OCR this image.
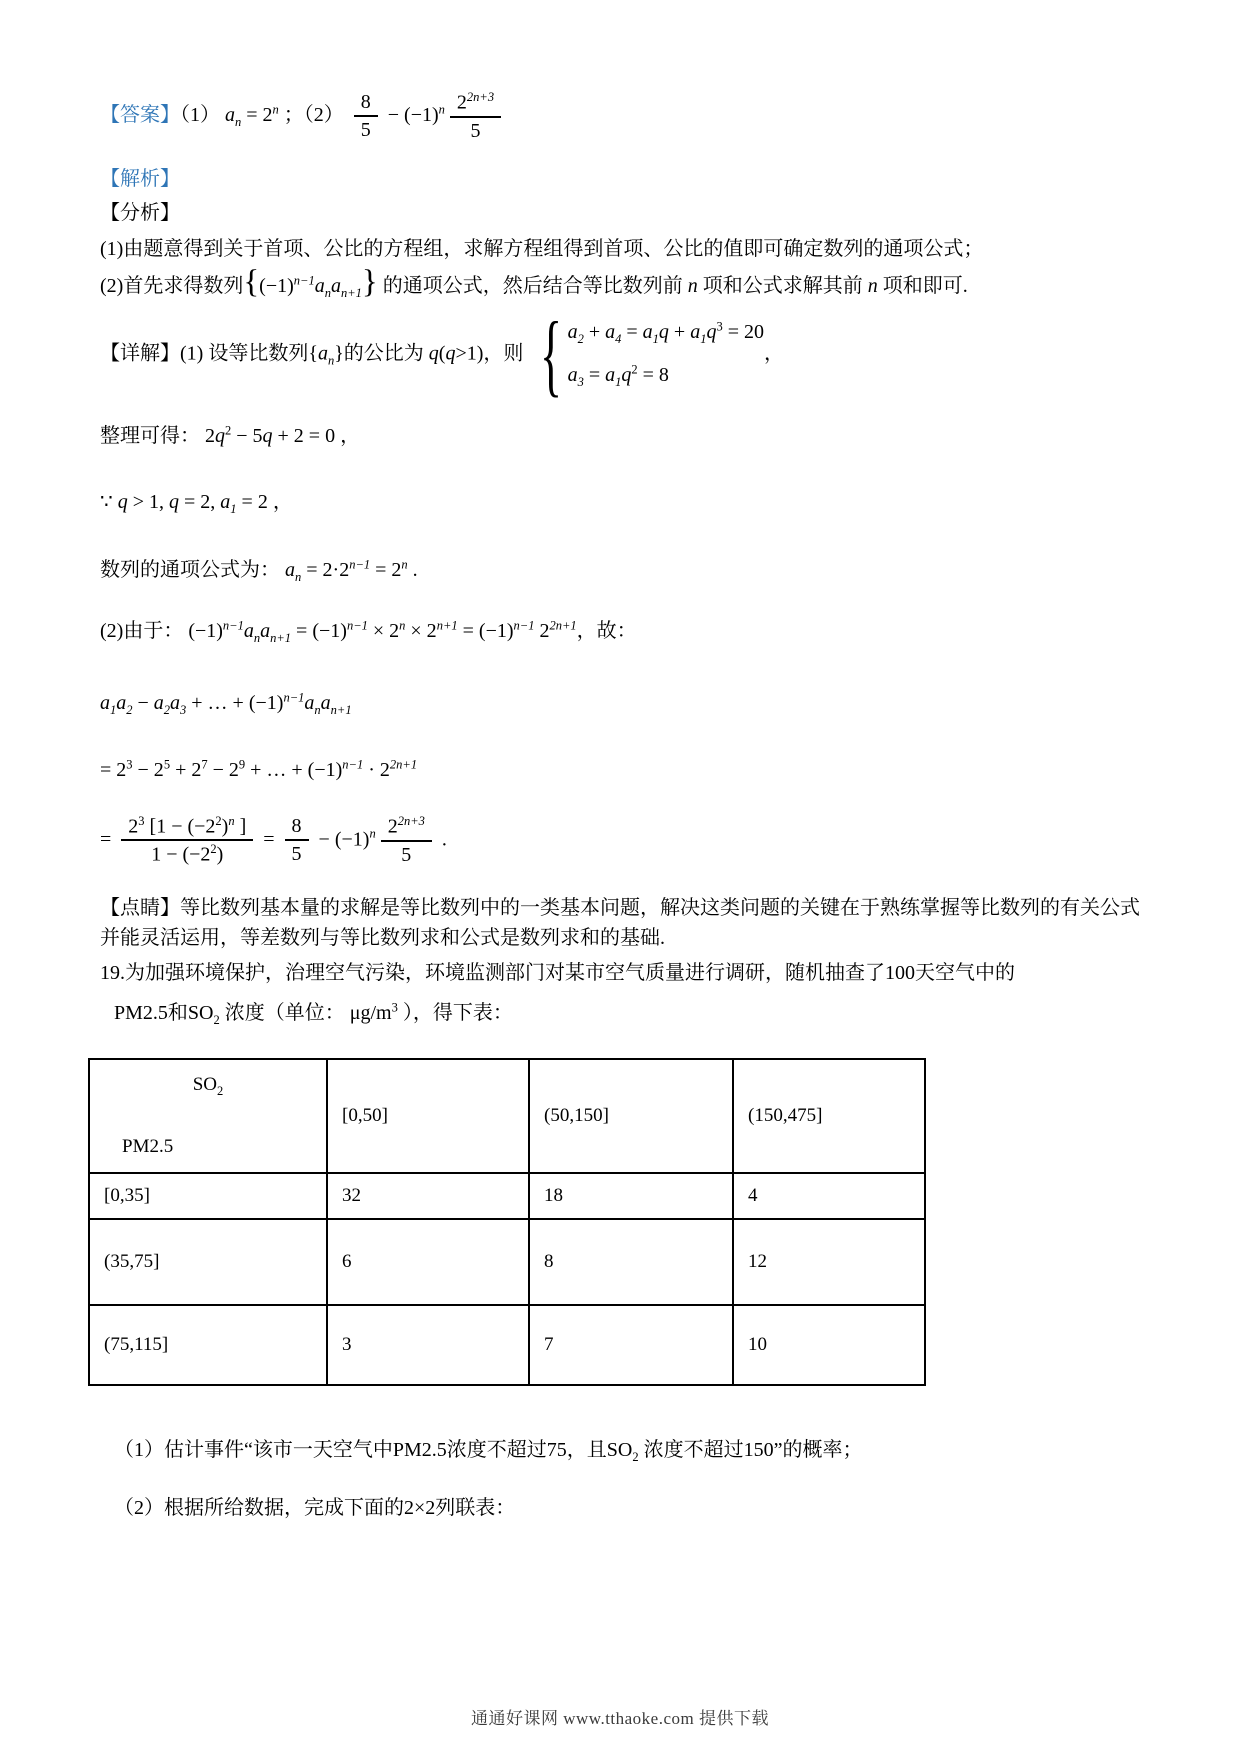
【答案】（1） $a_n = 2^n$ ；$(2) \frac{8}{5} - (-1)^n \frac{2^{2n+3}}{5}$
【解析】
【分析】
(1)由题意得到关于首项、公比的方程组，求解方程组得到首项、公比的值即可确定数列的通项公式；
(2)首先求得数列$\{(-1)^{n-1}a_na_{n+1}\}$ 的通项公式，然后结合等比数列前 n 项和公式求解其前 n 项和即可.
【详解】(1) 设等比数列$\{a_n\}$的公比为 q(q>1)，则 { $a_2 + a_4 = a_1q + a_1q^3 = 20$
$a_3 = a_1q^2 = 8$
，
整理可得： $2q^2 - 5q + 2 = 0$ ，
∵ q > 1, q = 2, $a_1 = 2$ ，
数列的通项公式为： $a_n = 2\cdot 2^{n-1} = 2^n$ .
(2)由于： $(-1)^{n-1}a_na_{n+1} = (-1)^{n-1} \times 2^n \times 2^{n+1} = (-1)^{n-1}$ $2^{2n+1}$，故：
$a_1a_2 - a_2a_3$ + … + $(-1)^{n-1}a_na_{n+1}$
= $2^3 - 2^5 + 2^7 - 2^9$ + … + $(-1)^{n-1} \cdot 2^{2n+1}$
= $\frac{2^3 [1 - (-2^2)^n ]}{1 - (-2^2)} = \frac{8}{5} - (-1)^n \frac{2^{2n+3}}{5}$ .
【点睛】等比数列基本量的求解是等比数列中的一类基本问题，解决这类问题的关键在于熟练掌握等比数列的有关公式并能灵活运用，等差数列与等比数列求和公式是数列求和的基础.
19.为加强环境保护，治理空气污染，环境监测部门对某市空气质量进行调研，随机抽查了100天空气中的
PM2.5和$SO_2$ 浓度（单位： $\mu g/m^3$ ），得下表：
$SO_2$
PM2.5	[0,50]	(50,150]	(150,475]
[0,35]	32	18	4
(35,75]	6	8	12
(75,115]	3	7	10
（1）估计事件“该市一天空气中PM2.5浓度不超过75，且$SO_2$ 浓度不超过150”的概率；
（2）根据所给数据，完成下面的2×2列联表：
通通好课网 www.tthaoke.com 提供下载
